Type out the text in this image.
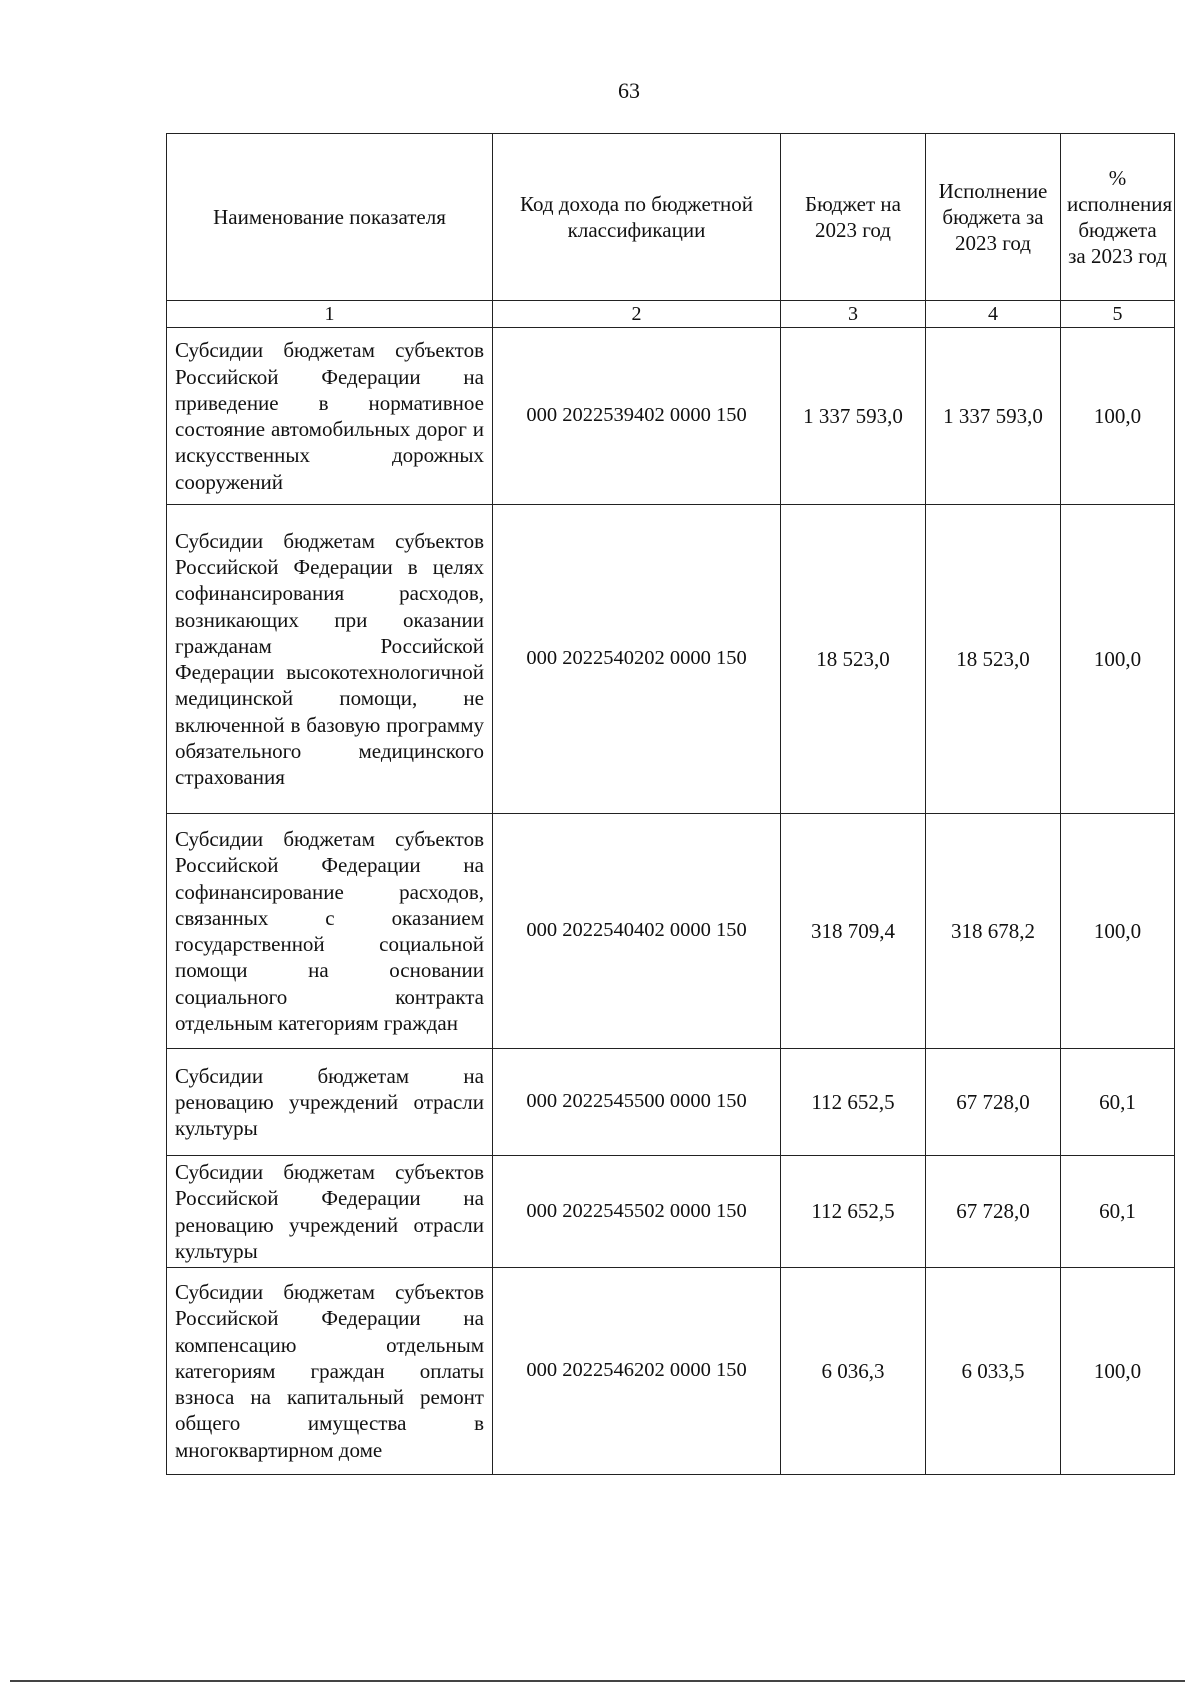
63
Наименование показателя	Код дохода по бюджетной классификации	Бюджет на 2023 год	Исполнение бюджета за 2023 год	% исполнения бюджета за 2023 год
1	2	3	4	5
Субсидии бюджетам субъектов Российской Федерации на приведение в нормативное состояние автомобильных дорог и искусственных дорожных сооружений	000 2022539402 0000 150	1 337 593,0	1 337 593,0	100,0
Субсидии бюджетам субъектов Российской Федерации в целях софинансирования расходов, возникающих при оказании гражданам Российской Федерации высокотехнологичной медицинской помощи, не включенной в базовую программу обязательного медицинского страхования	000 2022540202 0000 150	18 523,0	18 523,0	100,0
Субсидии бюджетам субъектов Российской Федерации на софинансирование расходов, связанных с оказанием государственной социальной помощи на основании социального контракта отдельным категориям граждан	000 2022540402 0000 150	318 709,4	318 678,2	100,0
Субсидии бюджетам на реновацию учреждений отрасли культуры	000 2022545500 0000 150	112 652,5	67 728,0	60,1
Субсидии бюджетам субъектов Российской Федерации на реновацию учреждений отрасли культуры	000 2022545502 0000 150	112 652,5	67 728,0	60,1
Субсидии бюджетам субъектов Российской Федерации на компенсацию отдельным категориям граждан оплаты взноса на капитальный ремонт общего имущества в многоквартирном доме	000 2022546202 0000 150	6 036,3	6 033,5	100,0
